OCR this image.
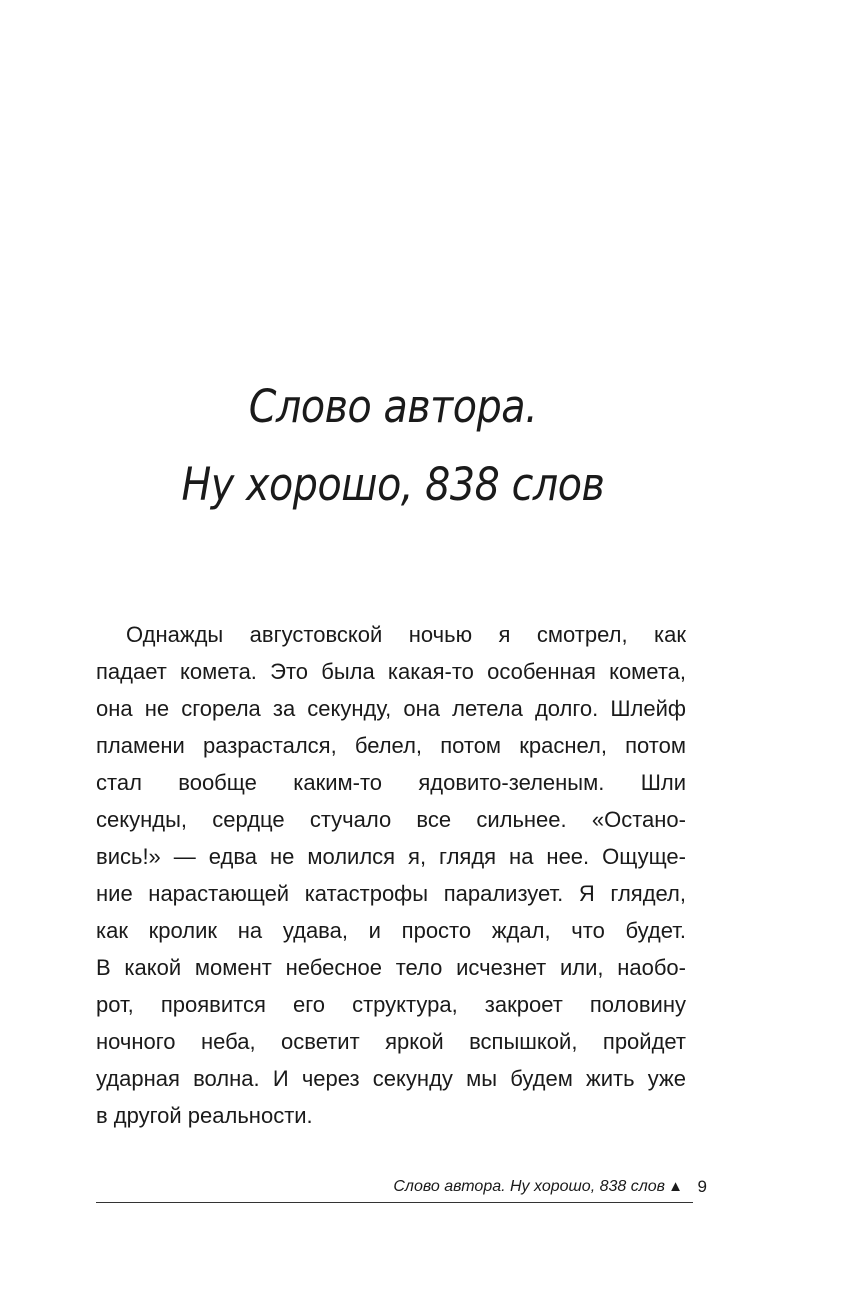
Слово автора.
Ну хорошо, 838 слов
Однажды августовской ночью я смотрел, как
падает комета. Это была какая-то особенная комета,
она не сгорела за секунду, она летела долго. Шлейф
пламени разрастался, белел, потом краснел, потом
стал вообще каким-то ядовито-зеленым. Шли
секунды, сердце стучало все сильнее. «Остано-
вись!» — едва не молился я, глядя на нее. Ощуще-
ние нарастающей катастрофы парализует. Я глядел,
как кролик на удава, и просто ждал, что будет.
В какой момент небесное тело исчезнет или, наобо-
рот, проявится его структура, закроет половину
ночного неба, осветит яркой вспышкой, пройдет
ударная волна. И через секунду мы будем жить уже
в другой реальности.
Слово автора. Ну хорошо, 838 слов ▲ 9
